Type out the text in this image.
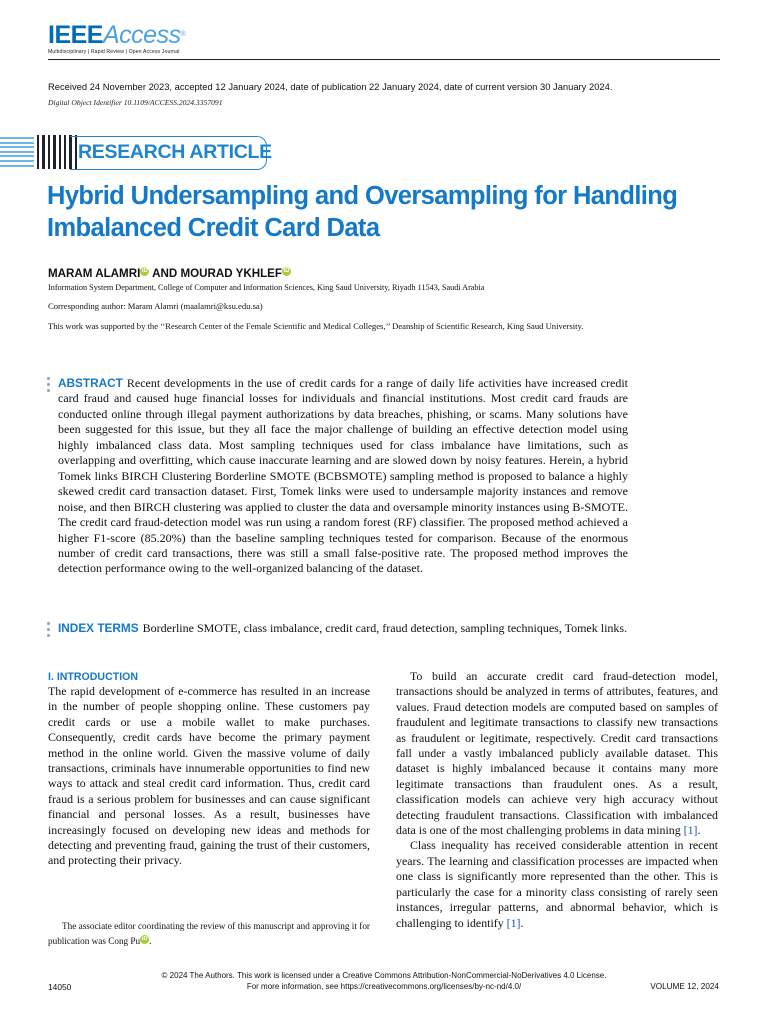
IEEEAccess®
Multidisciplinary | Rapid Review | Open Access Journal
Received 24 November 2023, accepted 12 January 2024, date of publication 22 January 2024, date of current version 30 January 2024.
Digital Object Identifier 10.1109/ACCESS.2024.3357091
RESEARCH ARTICLE
Hybrid Undersampling and Oversampling for Handling Imbalanced Credit Card Data
MARAM ALAMRI iD AND MOURAD YKHLEF iD
Information System Department, College of Computer and Information Sciences, King Saud University, Riyadh 11543, Saudi Arabia
Corresponding author: Maram Alamri (maalamri@ksu.edu.sa)
This work was supported by the ‘‘Research Center of the Female Scientific and Medical Colleges,’’ Deanship of Scientific Research, King Saud University.
ABSTRACT Recent developments in the use of credit cards for a range of daily life activities have increased credit card fraud and caused huge financial losses for individuals and financial institutions. Most credit card frauds are conducted online through illegal payment authorizations by data breaches, phishing, or scams. Many solutions have been suggested for this issue, but they all face the major challenge of building an effective detection model using highly imbalanced class data. Most sampling techniques used for class imbalance have limitations, such as overlapping and overfitting, which cause inaccurate learning and are slowed down by noisy features. Herein, a hybrid Tomek links BIRCH Clustering Borderline SMOTE (BCBSMOTE) sampling method is proposed to balance a highly skewed credit card transaction dataset. First, Tomek links were used to undersample majority instances and remove noise, and then BIRCH clustering was applied to cluster the data and oversample minority instances using B-SMOTE. The credit card fraud-detection model was run using a random forest (RF) classifier. The proposed method achieved a higher F1-score (85.20%) than the baseline sampling techniques tested for comparison. Because of the enormous number of credit card transactions, there was still a small false-positive rate. The proposed method improves the detection performance owing to the well-organized balancing of the dataset.
INDEX TERMS Borderline SMOTE, class imbalance, credit card, fraud detection, sampling techniques, Tomek links.
I. INTRODUCTION

The rapid development of e-commerce has resulted in an increase in the number of people shopping online. These customers pay credit cards or use a mobile wallet to make purchases. Consequently, credit cards have become the primary payment method in the online world. Given the massive volume of daily transactions, criminals have innumerable opportunities to find new ways to attack and steal credit card information. Thus, credit card fraud is a serious problem for businesses and can cause significant financial and personal losses. As a result, businesses have increasingly focused on developing new ideas and methods for detecting and preventing fraud, gaining the trust of their customers, and protecting their privacy.

To build an accurate credit card fraud-detection model, transactions should be analyzed in terms of attributes, features, and values. Fraud detection models are computed based on samples of fraudulent and legitimate transactions to classify new transactions as fraudulent or legitimate, respectively. Credit card transactions fall under a vastly imbalanced publicly available dataset. This dataset is highly imbalanced because it contains many more legitimate transactions than fraudulent ones. As a result, classification models can achieve very high accuracy without detecting fraudulent transactions. Classification with imbalanced data is one of the most challenging problems in data mining [1].

Class inequality has received considerable attention in recent years. The learning and classification processes are impacted when one class is significantly more represented than the other. This is particularly the case for a minority class consisting of rarely seen instances, irregular patterns, and abnormal behavior, which is challenging to identify [1].

The associate editor coordinating the review of this manuscript and approving it for publication was Cong Pu iD .
© 2024 The Authors. This work is licensed under a Creative Commons Attribution-NonCommercial-NoDerivatives 4.0 License.
For more information, see https://creativecommons.org/licenses/by-nc-nd/4.0/
14050	VOLUME 12, 2024
